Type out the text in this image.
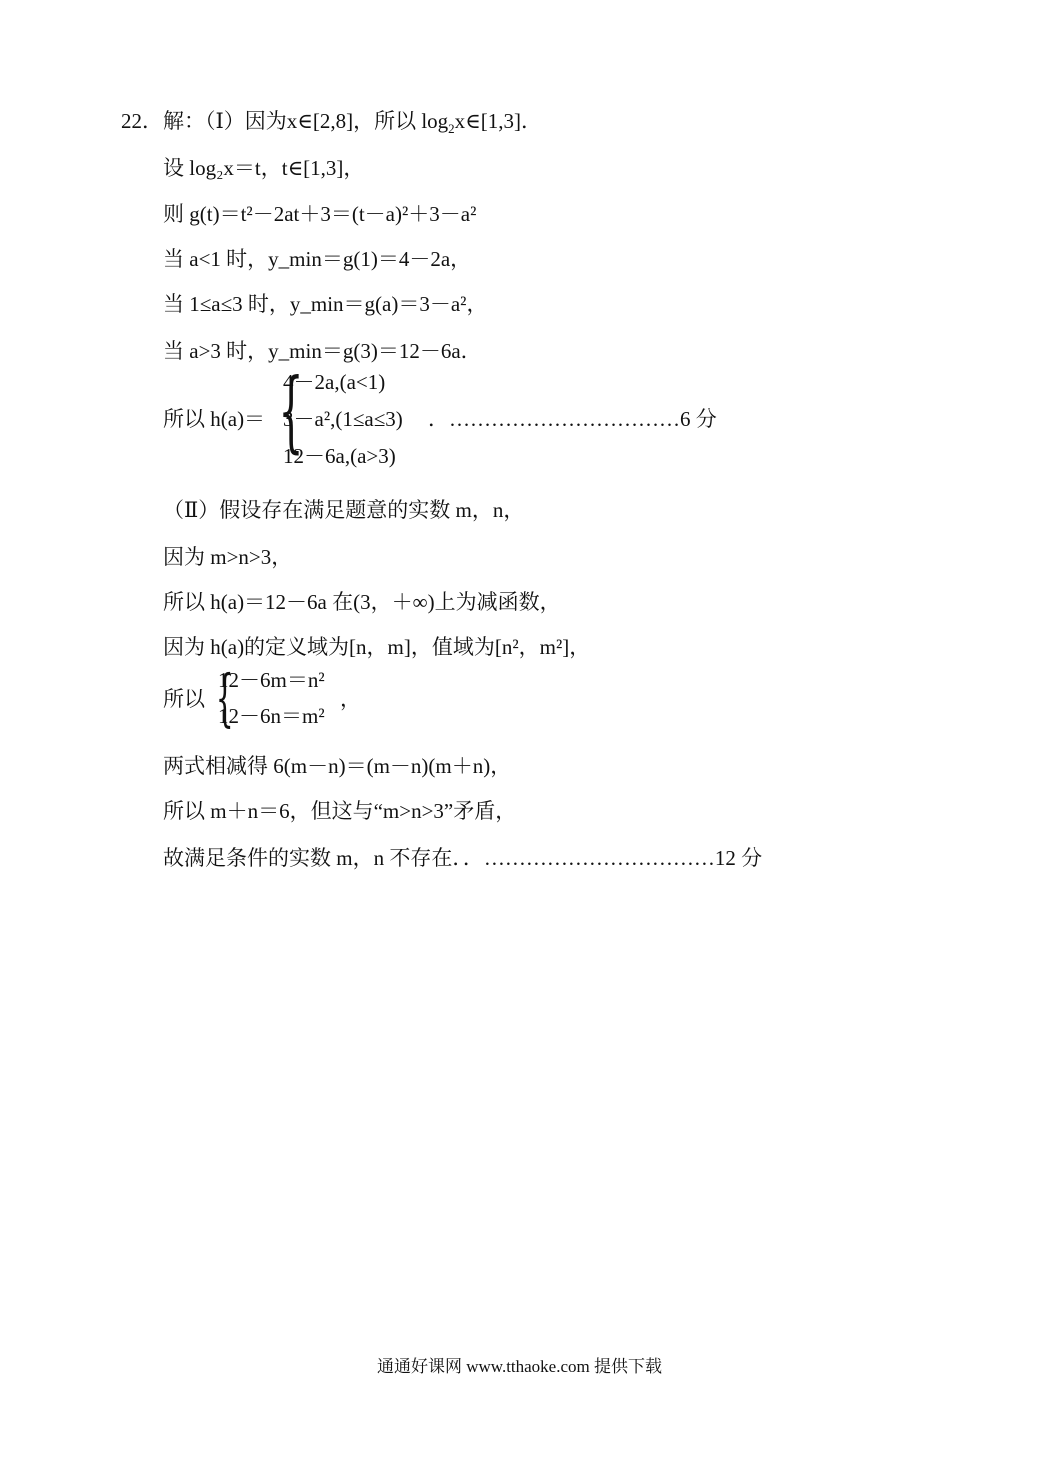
22．解：（Ⅰ）因为x∈[2,8]，所以 $\log_2x\in[1,3]$．
设 log₂x＝t，t∈[1,3]，
则 g(t)＝t²－2at＋3＝(t－a)²＋3－a²
当 a<1 时，y_min＝g(1)＝4－2a，
当 1≤a≤3 时，y_min＝g(a)＝3－a²，
当 a>3 时，y_min＝g(3)＝12－6a．
所以 h(a)＝ {
4－2a,(a<1)
3－a²,(1≤a≤3)
12－6a,(a>3)
．……………………………6 分
（Ⅱ）假设存在满足题意的实数 m，n，
因为 m>n>3，
所以 h(a)＝12－6a 在(3，＋∞)上为减函数，
因为 h(a)的定义域为[n，m]，值域为[n²，m²]，
所以 {
12－6m＝n²
12－6n＝m²
，
两式相减得 6(m－n)＝(m－n)(m＋n)，
所以 m＋n＝6，但这与“m>n>3”矛盾，
故满足条件的实数 m，n 不存在．．……………………………12 分
通通好课网 www.tthaoke.com 提供下载
